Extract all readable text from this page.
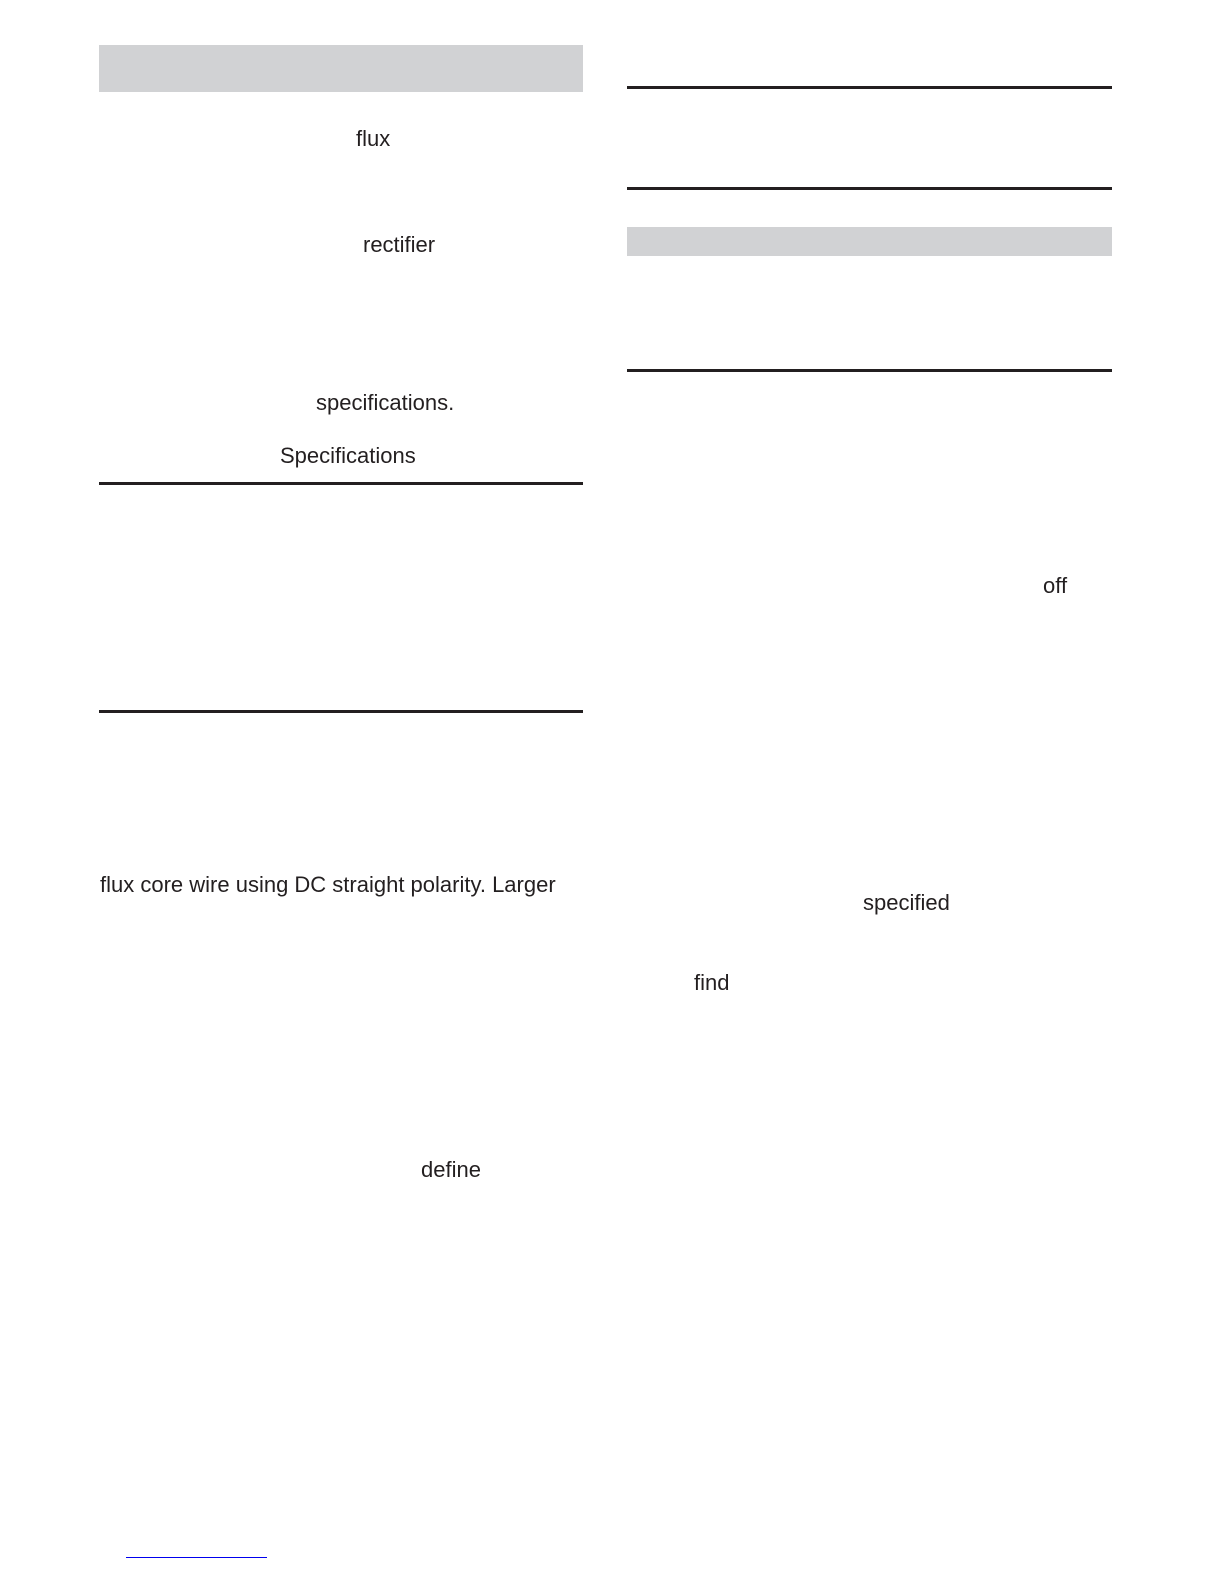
flux
rectifier
specifications.
Specifications
flux core wire using DC straight polarity. Larger
define
off
specified
find
